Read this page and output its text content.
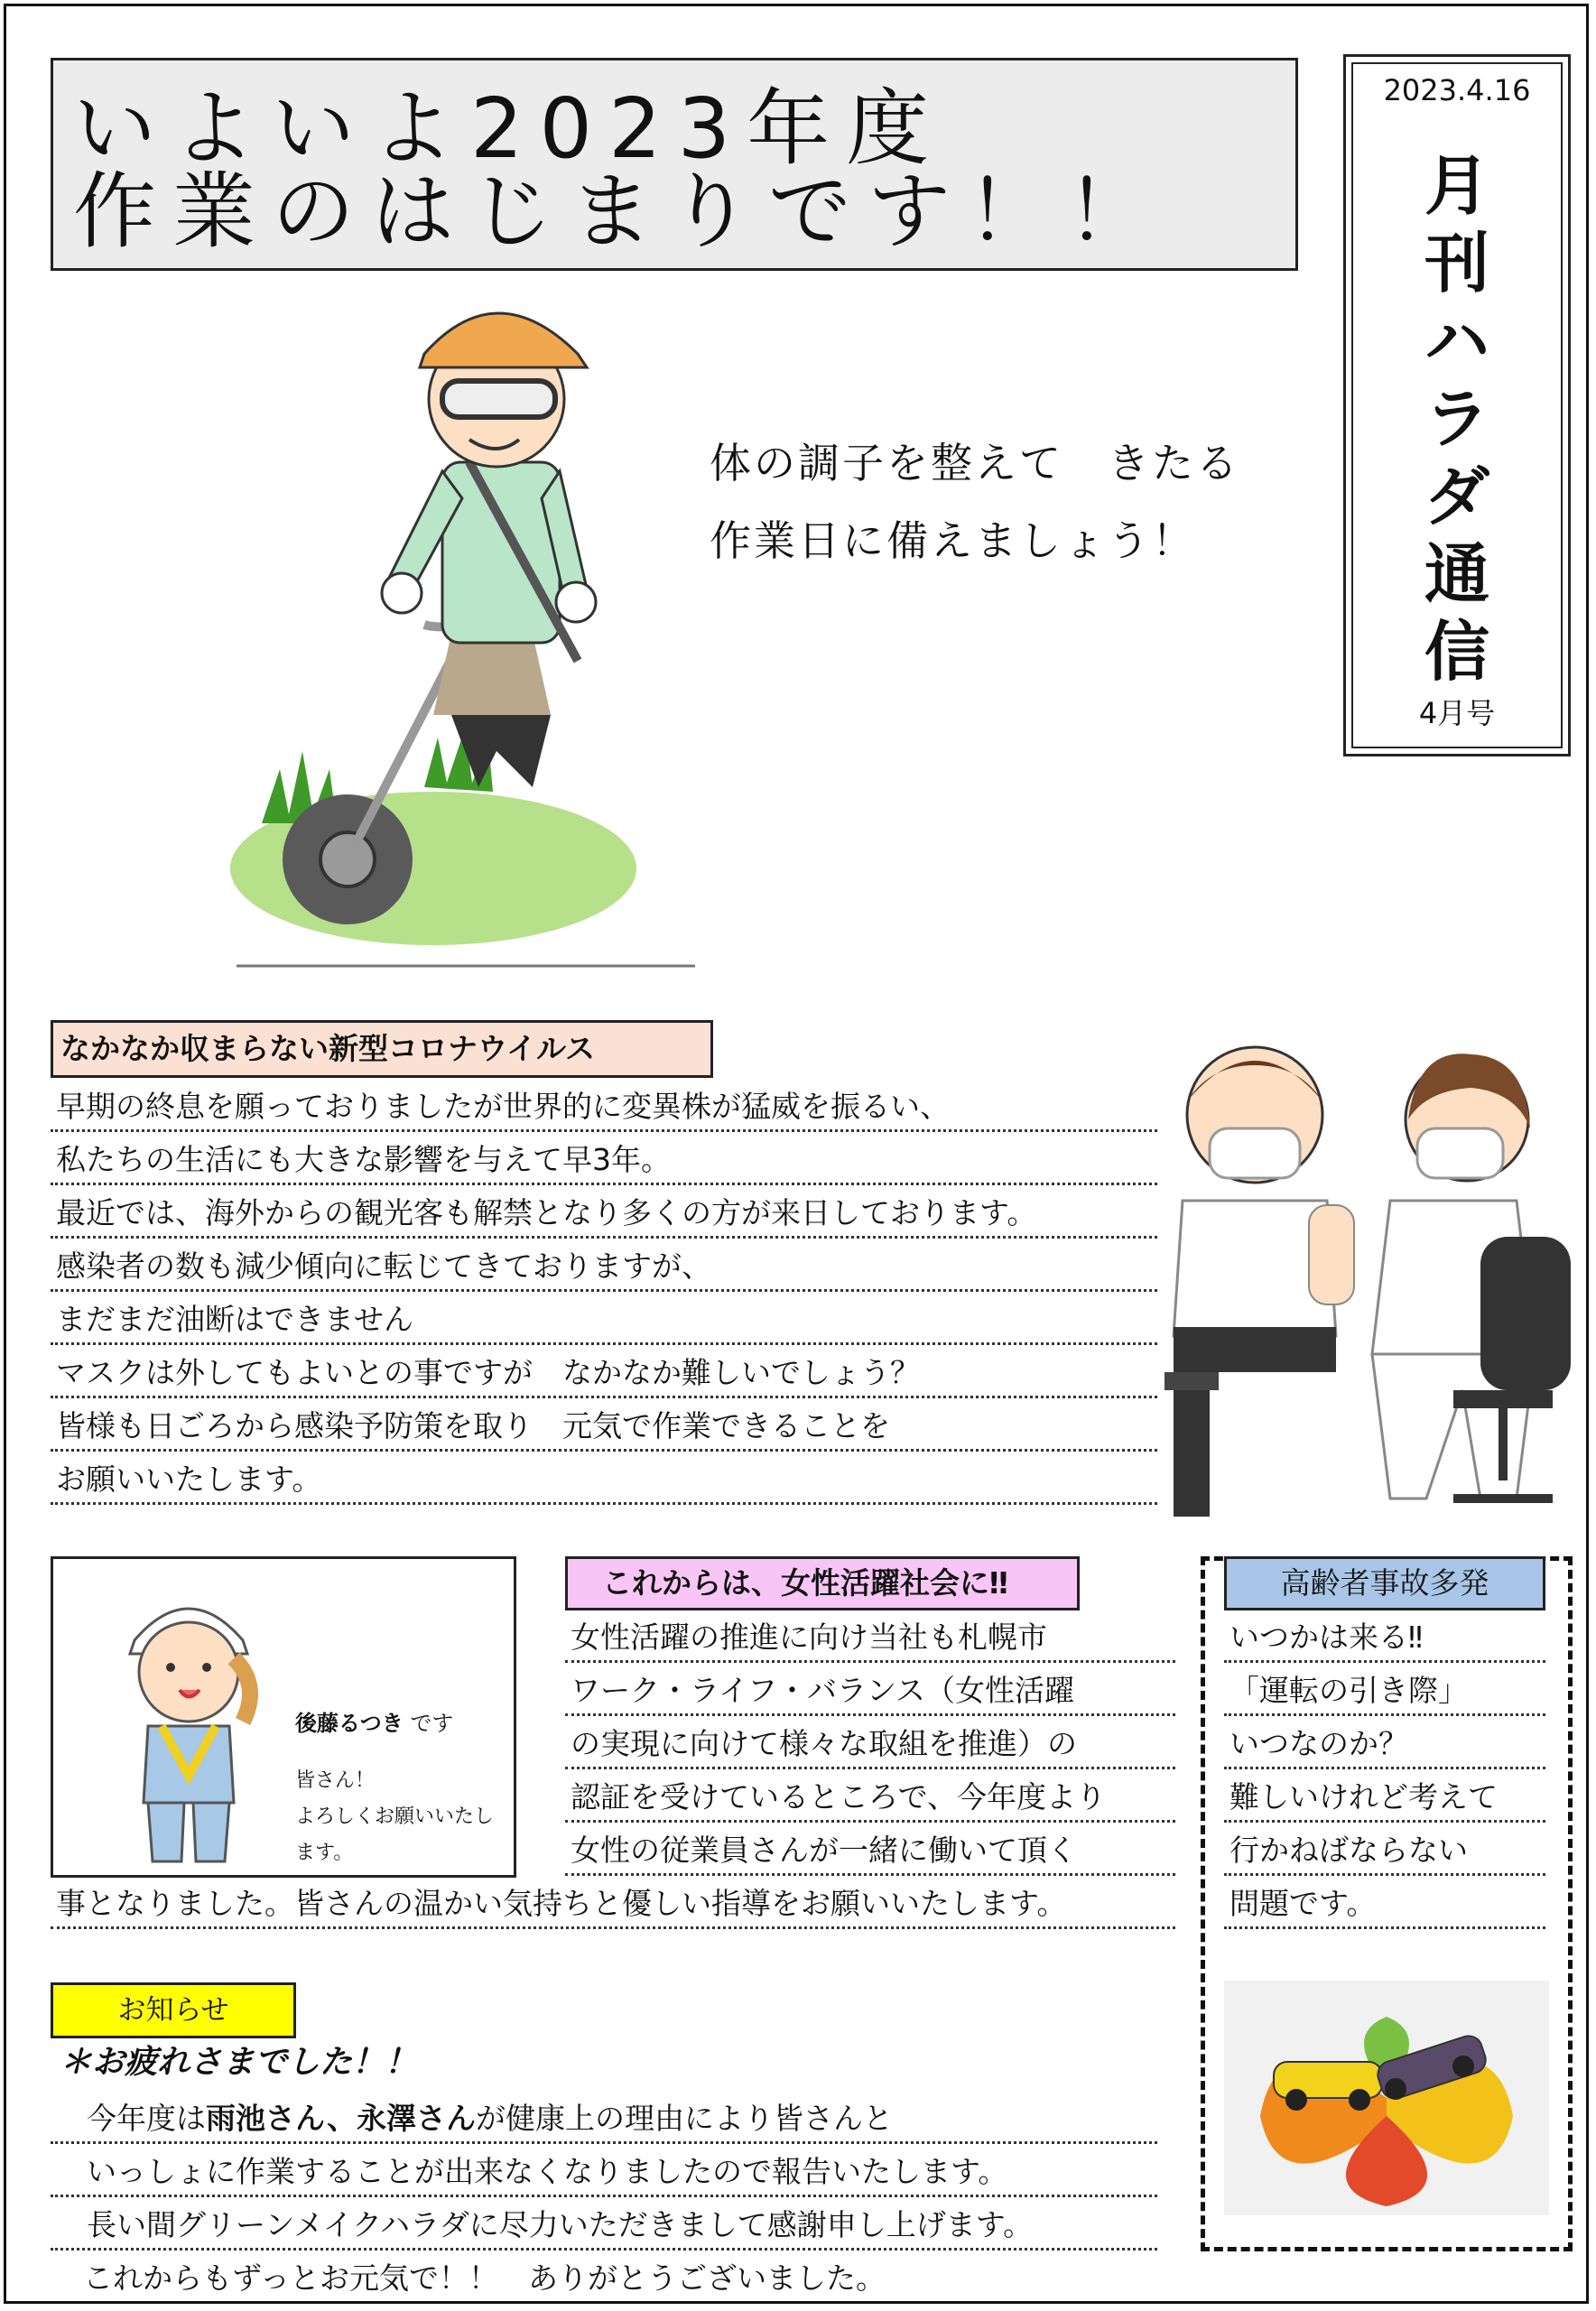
いよいよ2023年度
作業のはじまりです！！
2023.4.16
月
刊
ハ
ラ
ダ
通
信
4月号
体の調子を整えて　きたる
作業日に備えましょう！
なかなか収まらない新型コロナウイルス
早期の終息を願っておりましたが世界的に変異株が猛威を振るい、
私たちの生活にも大きな影響を与えて早3年。
最近では、海外からの観光客も解禁となり多くの方が来日しております。
感染者の数も減少傾向に転じてきておりますが、
まだまだ油断はできません
マスクは外してもよいとの事ですが　なかなか難しいでしょう？
皆様も日ごろから感染予防策を取り　元気で作業できることを
お願いいたします。
後藤るつき です
皆さん！
よろしくお願いいたします。
これからは、女性活躍社会に‼
女性活躍の推進に向け当社も札幌市
ワーク・ライフ・バランス（女性活躍
の実現に向けて様々な取組を推進）の
認証を受けているところで、今年度より
女性の従業員さんが一緒に働いて頂く
事となりました。皆さんの温かい気持ちと優しい指導をお願いいたします。
高齢者事故多発
いつかは来る‼
「運転の引き際」
いつなのか？
難しいけれど考えて
行かねばならない
問題です。
お知らせ
＊お疲れさまでした！！
今年度は雨池さん、永澤さんが健康上の理由により皆さんと
いっしょに作業することが出来なくなりましたので報告いたします。
長い間グリーンメイクハラダに尽力いただきまして感謝申し上げます。
これからもずっとお元気で！！　ありがとうございました。
